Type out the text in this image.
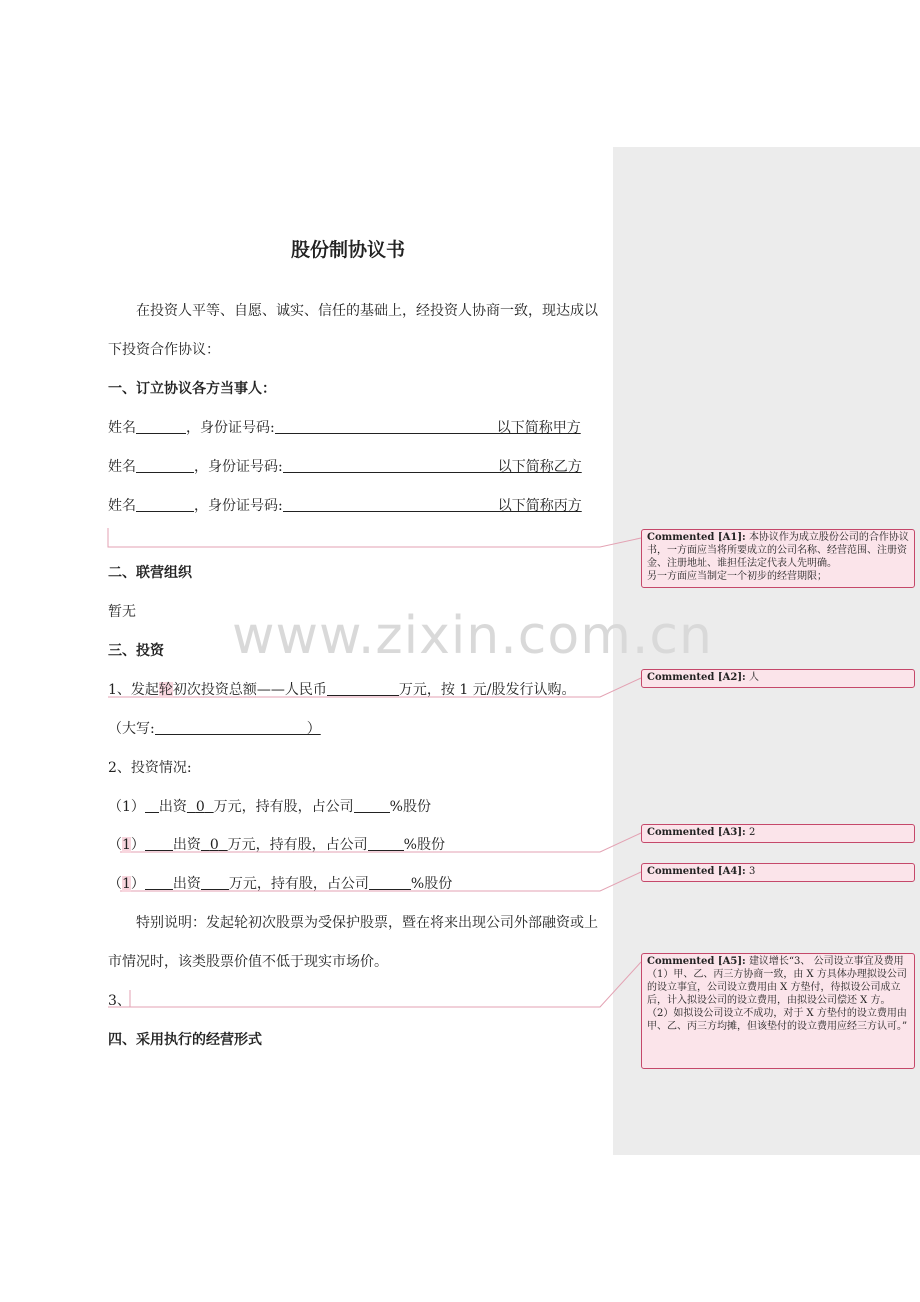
股份制协议书
在投资人平等、自愿、诚实、信任的基础上，经投资人协商一致，现达成以
下投资合作协议：
一、订立协议各方当事人：
姓名	，身份证号码:	以下简称甲方
姓名	，身份证号码:	以下简称乙方
姓名	，身份证号码:	以下简称丙方
二、联营组织
暂无
三、投资
1、发起轮初次投资总额——人民币	万元，按 1 元/股发行认购。
（大写:	）
2、投资情况:
（1） 出资 0 万元，持有股，占公司	%股份
（1） 出资 0 万元，持有股，占公司	%股份
（1） 出资 万元，持有股，占公司	%股份
特别说明：发起轮初次股票为受保护股票，暨在将来出现公司外部融资或上
市情况时，该类股票价值不低于现实市场价。
3、
四、采用执行的经营形式
Commented [A1]: 本协议作为成立股份公司的合作协议书，一方面应当将所要成立的公司名称、经营范围、注册资金、注册地址、谁担任法定代表人先明确。
另一方面应当制定一个初步的经营期限；
Commented [A2]: 人
Commented [A3]: 2
Commented [A4]: 3
Commented [A5]: 建议增长“3、 公司设立事宜及费用
（1）甲、乙、丙三方协商一致，由 X 方具体办理拟设公司的设立事宜，公司设立费用由 X 方垫付，待拟设公司成立后，计入拟设公司的设立费用，由拟设公司偿还 X 方。
（2）如拟设公司设立不成功，对于 X 方垫付的设立费用由甲、乙、丙三方均摊，但该垫付的设立费用应经三方认可。”
www.zixin.com.cn
